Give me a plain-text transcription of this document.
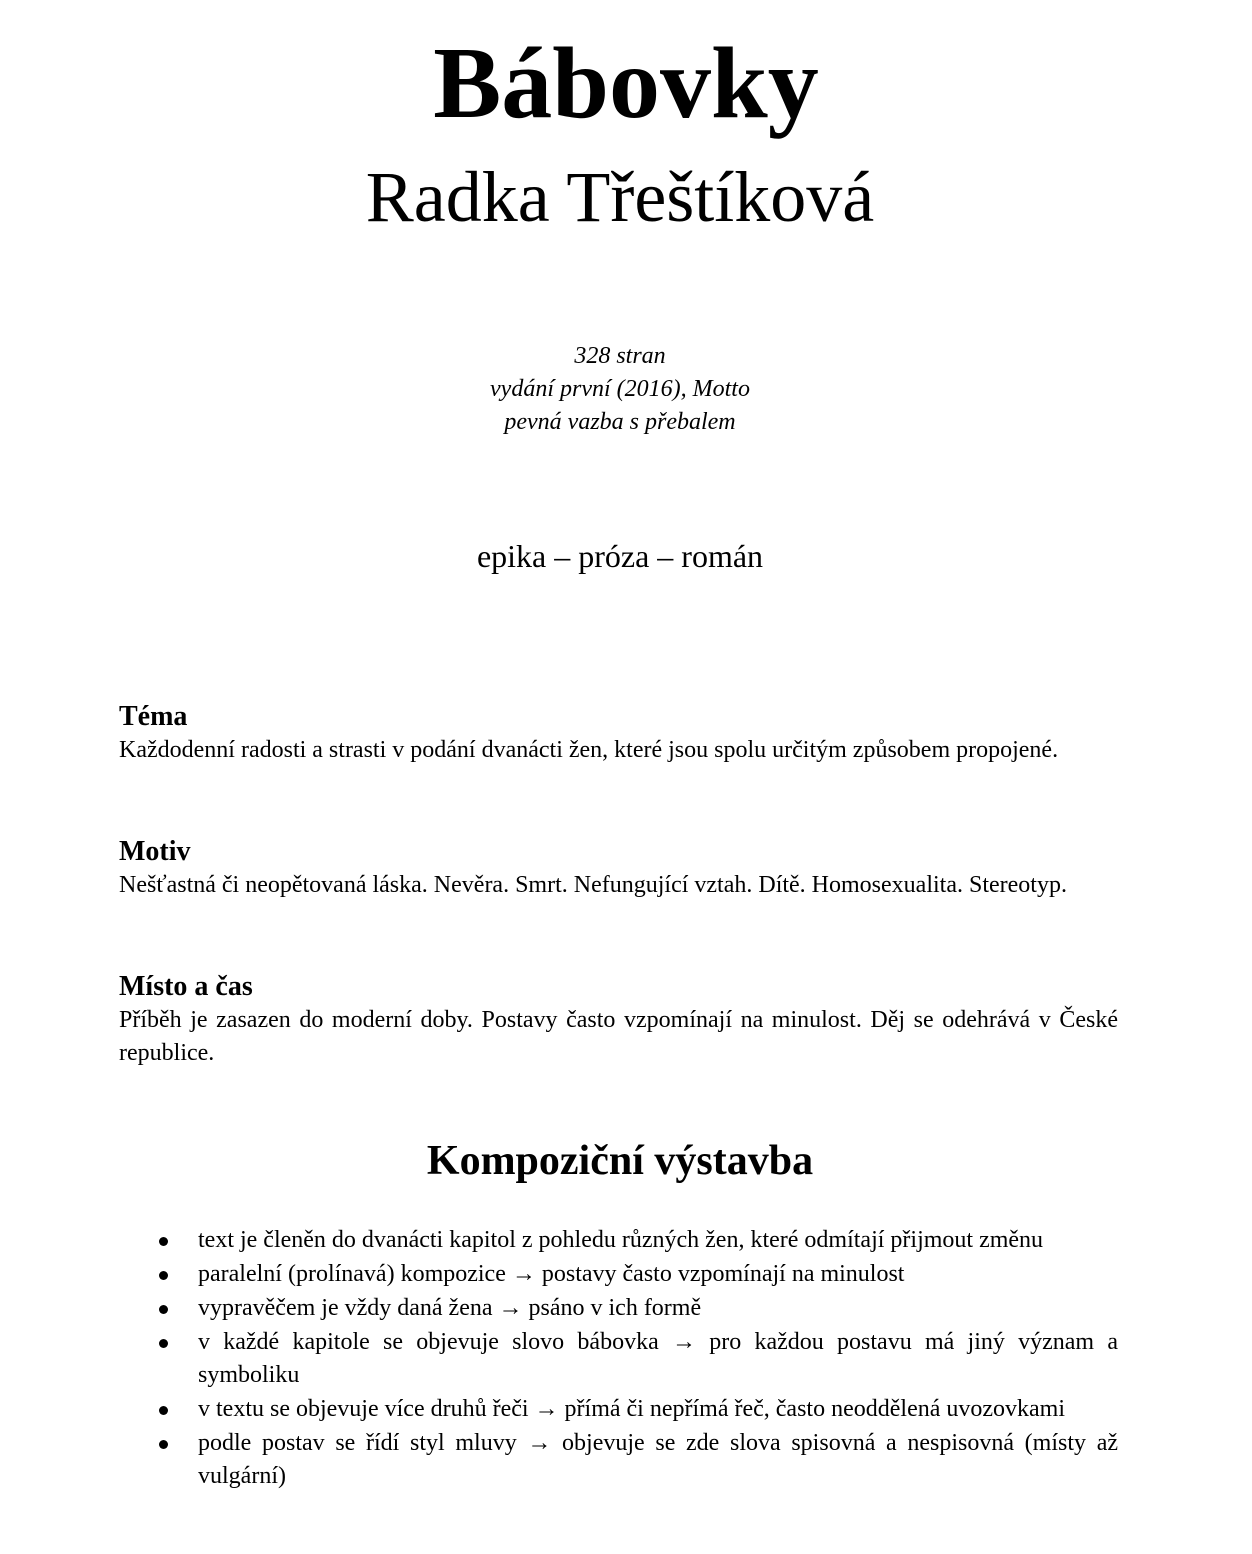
Bábovky
Radka Třeštíková
328 stran
vydání první (2016), Motto
pevná vazba s přebalem
epika – próza – román
Téma

Každodenní radosti a strasti v podání dvanácti žen, které jsou spolu určitým způsobem propojené.

Motiv

Nešťastná či neopětovaná láska. Nevěra. Smrt. Nefungující vztah. Dítě. Homosexualita. Stereotyp.

Místo a čas

Příběh je zasazen do moderní doby. Postavy často vzpomínají na minulost. Děj se odehrává v České republice.

Kompoziční výstavba
text je členěn do dvanácti kapitol z pohledu různých žen, které odmítají přijmout změnu
paralelní (prolínavá) kompozice → postavy často vzpomínají na minulost
vypravěčem je vždy daná žena → psáno v ich formě
v každé kapitole se objevuje slovo bábovka → pro každou postavu má jiný význam a symboliku
v textu se objevuje více druhů řeči → přímá či nepřímá řeč, často neoddělená uvozovkami
podle postav se řídí styl mluvy → objevuje se zde slova spisovná a nespisovná (místy až vulgární)
